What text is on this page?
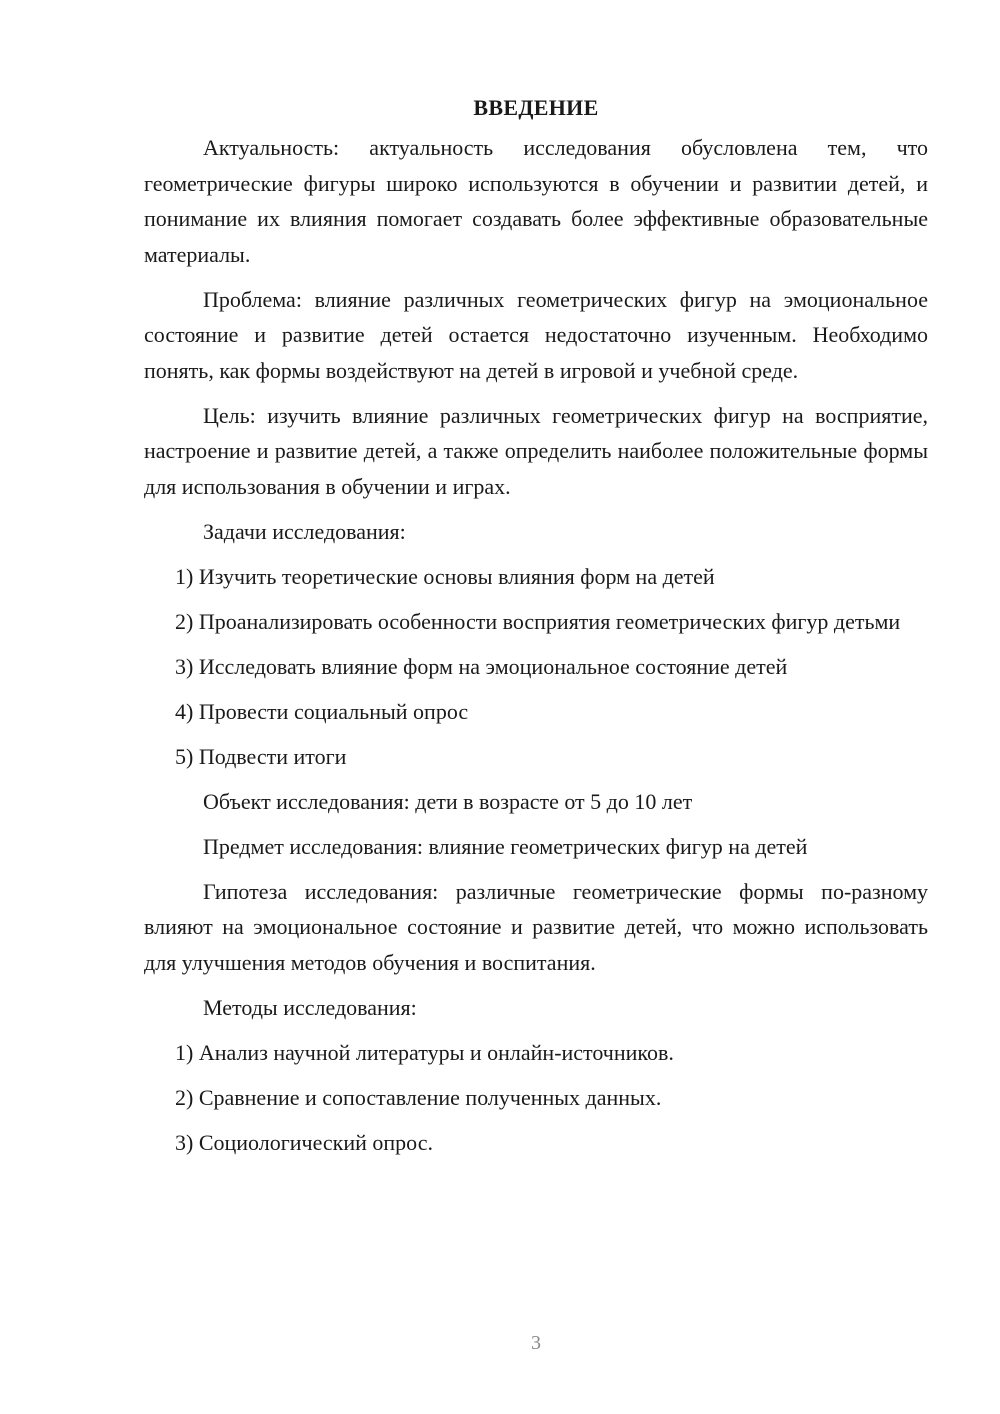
ВВЕДЕНИЕ

Актуальность: актуальность исследования обусловлена тем, что геометрические фигуры широко используются в обучении и развитии детей, и понимание их влияния помогает создавать более эффективные образовательные материалы.

Проблема: влияние различных геометрических фигур на эмоциональное состояние и развитие детей остается недостаточно изученным. Необходимо понять, как формы воздействуют на детей в игровой и учебной среде.

Цель: изучить влияние различных геометрических фигур на восприятие, настроение и развитие детей, а также определить наиболее положительные формы для использования в обучении и играх.

Задачи исследования:

1) Изучить теоретические основы влияния форм на детей

2) Проанализировать особенности восприятия геометрических фигур детьми

3) Исследовать влияние форм на эмоциональное состояние детей

4) Провести социальный опрос

5) Подвести итоги

Объект исследования: дети в возрасте от 5 до 10 лет

Предмет исследования: влияние геометрических фигур на детей

Гипотеза исследования: различные геометрические формы по-разному влияют на эмоциональное состояние и развитие детей, что можно использовать для улучшения методов обучения и воспитания.

Методы исследования:

1) Анализ научной литературы и онлайн-источников.

2) Сравнение и сопоставление полученных данных.

3) Социологический опрос.

3
